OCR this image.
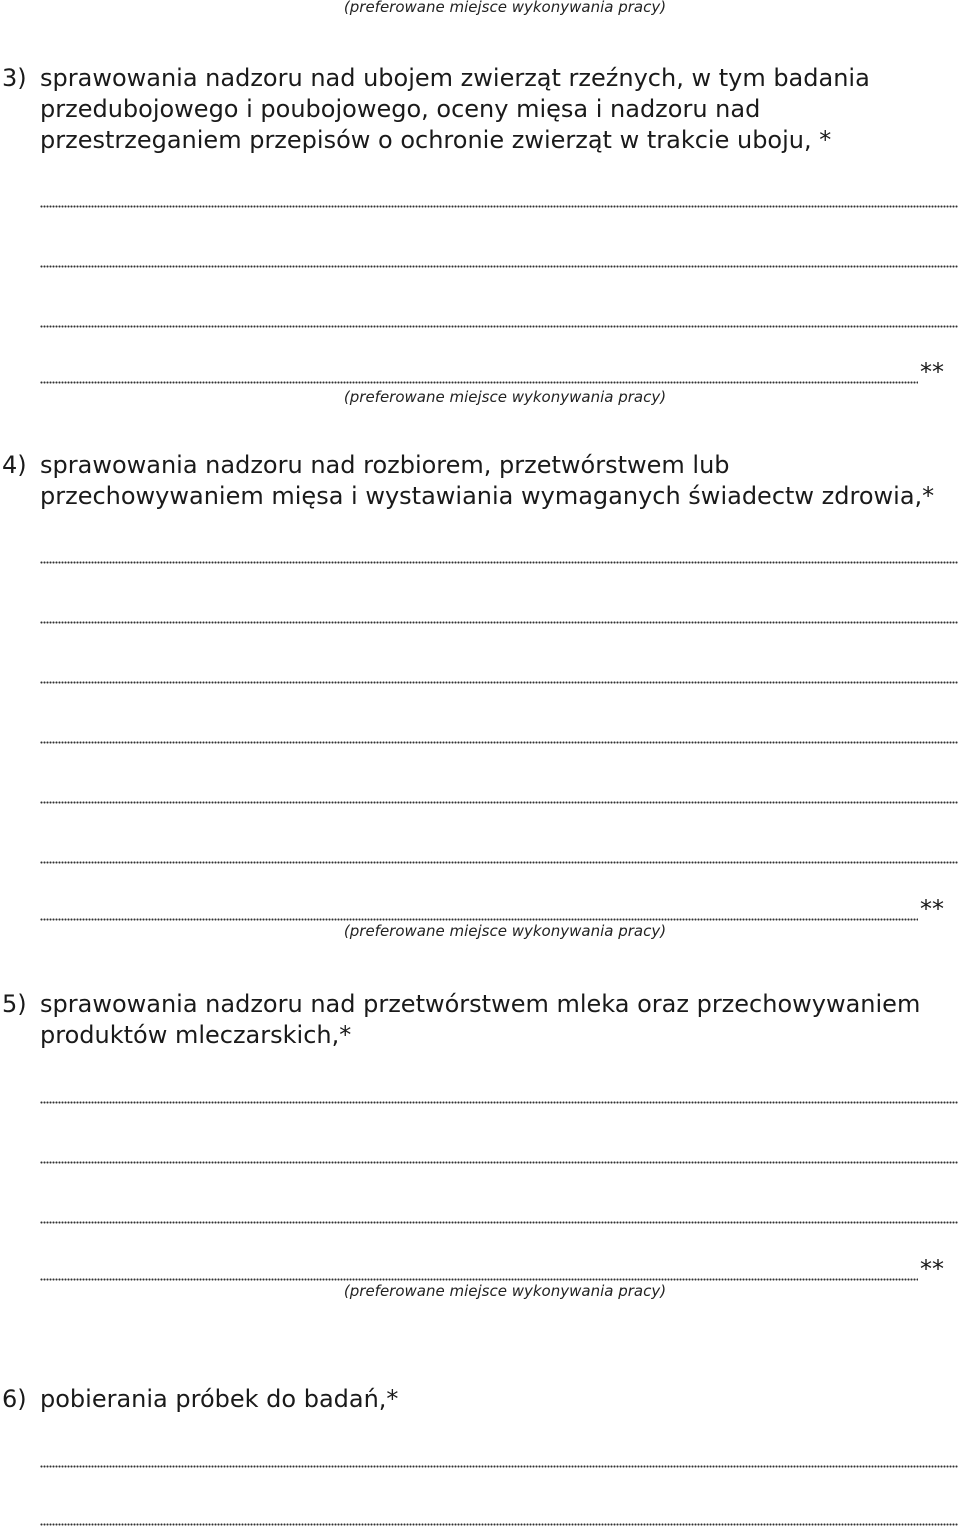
(preferowane miejsce wykonywania pracy)
3) sprawowania nadzoru nad ubojem zwierząt rzeźnych, w tym badania
przedubojowego i poubojowego, oceny mięsa i nadzoru nad
przestrzeganiem przepisów o ochronie zwierząt w trakcie uboju, *
**
(preferowane miejsce wykonywania pracy)
4) sprawowania nadzoru nad rozbiorem, przetwórstwem lub
przechowywaniem mięsa i wystawiania wymaganych świadectw zdrowia,*
**
(preferowane miejsce wykonywania pracy)
5) sprawowania nadzoru nad przetwórstwem mleka oraz przechowywaniem
produktów mleczarskich,*
**
(preferowane miejsce wykonywania pracy)
6) pobierania próbek do badań,*
